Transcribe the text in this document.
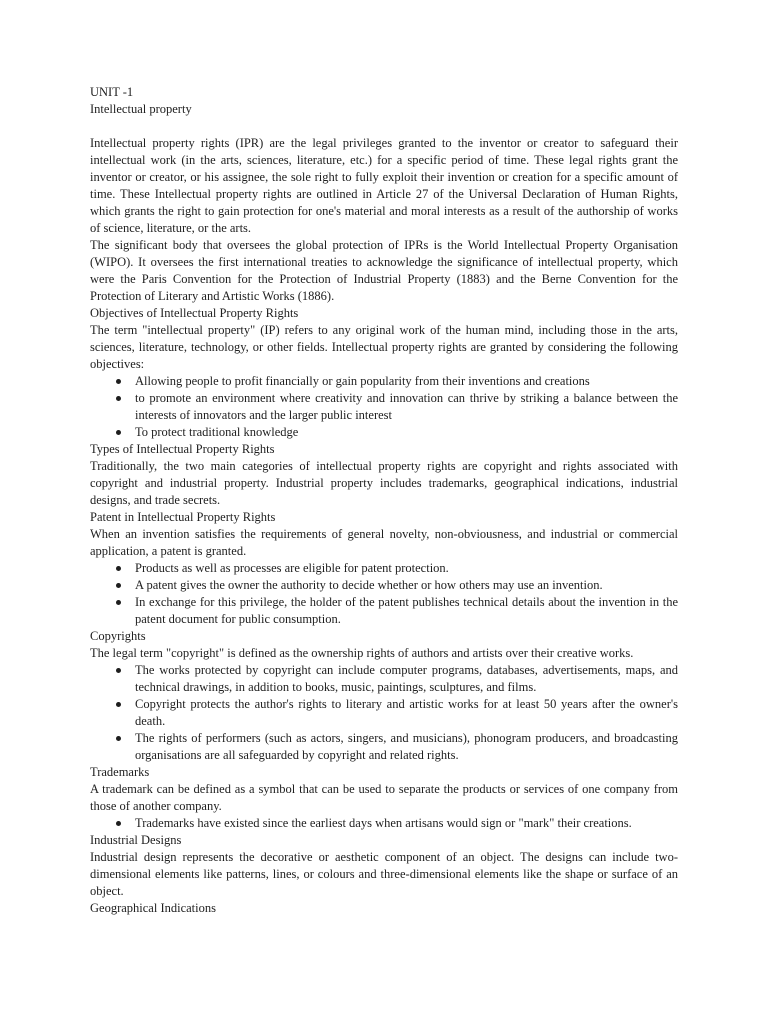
UNIT -1
Intellectual property
Intellectual property rights (IPR) are the legal privileges granted to the inventor or creator to safeguard their intellectual work (in the arts, sciences, literature, etc.) for a specific period of time. These legal rights grant the inventor or creator, or his assignee, the sole right to fully exploit their invention or creation for a specific amount of time. These Intellectual property rights are outlined in Article 27 of the Universal Declaration of Human Rights, which grants the right to gain protection for one's material and moral interests as a result of the authorship of works of science, literature, or the arts.
The significant body that oversees the global protection of IPRs is the World Intellectual Property Organisation (WIPO). It oversees the first international treaties to acknowledge the significance of intellectual property, which were the Paris Convention for the Protection of Industrial Property (1883) and the Berne Convention for the Protection of Literary and Artistic Works (1886).
Objectives of Intellectual Property Rights
The term "intellectual property" (IP) refers to any original work of the human mind, including those in the arts, sciences, literature, technology, or other fields. Intellectual property rights are granted by considering the following objectives:
Allowing people to profit financially or gain popularity from their inventions and creations
to promote an environment where creativity and innovation can thrive by striking a balance between the interests of innovators and the larger public interest
To protect traditional knowledge
Types of Intellectual Property Rights
Traditionally, the two main categories of intellectual property rights are copyright and rights associated with copyright and industrial property. Industrial property includes trademarks, geographical indications, industrial designs, and trade secrets.
Patent in Intellectual Property Rights
When an invention satisfies the requirements of general novelty, non-obviousness, and industrial or commercial application, a patent is granted.
Products as well as processes are eligible for patent protection.
A patent gives the owner the authority to decide whether or how others may use an invention.
In exchange for this privilege, the holder of the patent publishes technical details about the invention in the patent document for public consumption.
Copyrights
The legal term "copyright" is defined as the ownership rights of authors and artists over their creative works.
The works protected by copyright can include computer programs, databases, advertisements, maps, and technical drawings, in addition to books, music, paintings, sculptures, and films.
Copyright protects the author's rights to literary and artistic works for at least 50 years after the owner's death.
The rights of performers (such as actors, singers, and musicians), phonogram producers, and broadcasting organisations are all safeguarded by copyright and related rights.
Trademarks
A trademark can be defined as a symbol that can be used to separate the products or services of one company from those of another company.
Trademarks have existed since the earliest days when artisans would sign or "mark" their creations.
Industrial Designs
Industrial design represents the decorative or aesthetic component of an object. The designs can include two-dimensional elements like patterns, lines, or colours and three-dimensional elements like the shape or surface of an object.
Geographical Indications
